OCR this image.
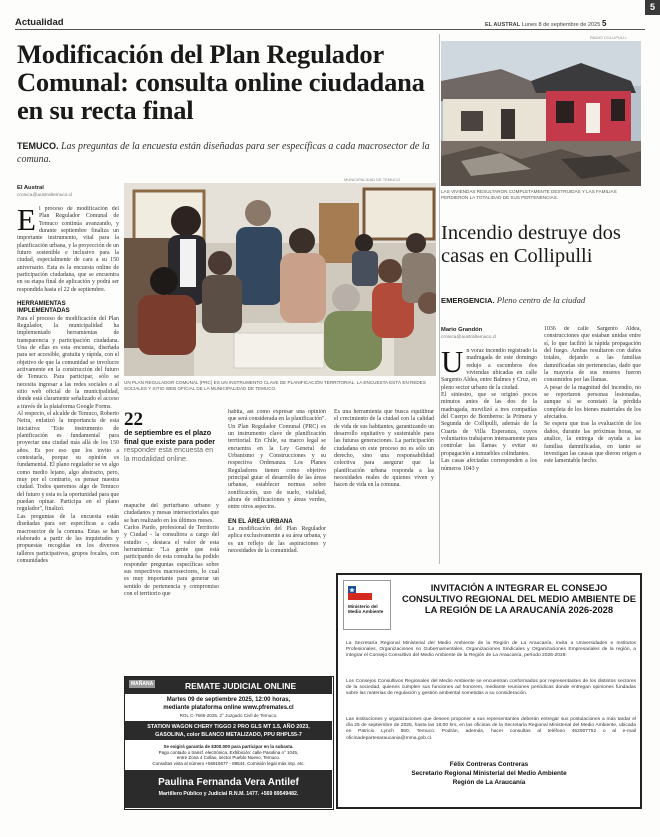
Actualidad	EL AUSTRAL Lunes 8 de septiembre de 2025 5
5
Modificación del Plan Regulador Comunal: consulta online ciudadana en su recta final
TEMUCO. Las preguntas de la encuesta están diseñadas para ser específicas a cada macrosector de la comuna.
El Austral
cronica@australtemuco.cl
E l proceso de modificación del Plan Regulador Comunal de Temuco continúa avanzando, y durante septiembre finaliza un importante instrumento, vital para la planificación urbana, y la proyección de un futuro sostenible e inclusivo para la ciudad, especialmente de cara a su 150 aniversario. Esta es la encuesta online de participación ciudadana, que se encuentra en su etapa final de aplicación y podrá ser respondida hasta el 22 de septiembre.
HERRAMIENTAS IMPLEMENTADAS
Para el proceso de modificación del Plan Regulador, la municipalidad ha implementado herramientas de transparencia y participación ciudadana. Una de ellas es esta encuesta, diseñada para ser accesible, gratuita y rápida, con el objetivo de que la comunidad se involucre activamente en la construcción del futuro de Temuco. Para participar, sólo se necesita ingresar a las redes sociales o al sitio web oficial de la municipalidad, donde está claramente señalizado el acceso a través de la plataforma Google Forms.
Al respecto, el alcalde de Temuco, Roberto Neira, enfatizó la importancia de esta iniciativa: "Este instrumento de planificación es fundamental para proyectar una ciudad más allá de los 150 años. Es por eso que los invito a contestarla, porque su opinión es fundamental. El plano regulador se ve algo como medio lejano, algo abstracto, pero, muy por el contrario, es pensar nuestra ciudad. Todos queremos algo de Temuco del futuro y esta es la oportunidad para que puedan opinar. Participa en el plano regulador", finalizó.
Las preguntas de la encuesta están diseñadas para ser específicas a cada macrosector de la comuna. Estas se han elaborado a partir de las inquietudes y propuestas recogidas en los diversos talleres participativos, grupos focales, con comunidades
MUNICIPALIDAD DE TEMUCO
UN PLAN REGULADOR COMUNAL (PRC) ES UN INSTRUMENTO CLAVE DE PLANIFICACIÓN TERRITORIAL. LA ENCUESTA ESTÁ EN REDES SOCIALES Y SITIO WEB OFICIAL DE LA MUNICIPALIDAD DE TEMUCO.
22
de septiembre es el plazo final que existe para poder responder esta encuesta en la modalidad online.
mapuche del periurbano urbano y ciudadanos y mesas intersectoriales que se han realizado en los últimos meses.
Carlos Pardo, profesional de Territorio y Ciudad - la consultora a cargo del estudio -, destaca el valor de esta herramienta: "La gente que está participando de esta consulta ha podido responder preguntas específicas sobre sus respectivos macrosectores, lo cual es muy importante para generar un sentido de pertenencia y compromiso con el territorio que
habita, así como expresar una opinión que será considerada en la planificación".
Un Plan Regulador Comunal (PRC) es un instrumento clave de planificación territorial. En Chile, su marco legal se encuentra en la Ley General de Urbanismo y Construcciones y su respectiva Ordenanza. Los Planes Reguladores tienen como objetivo principal guiar el desarrollo de las áreas urbanas, establecer normas sobre zonificación, uso de suelo, vialidad, altura de edificaciones y áreas verdes, entre otros aspectos.
EN EL ÁREA URBANA
La modificación del Plan Regulador aplica exclusivamente a su área urbana, y es un reflejo de las aspiraciones y necesidades de la comunidad.
Es una herramienta que busca equilibrar el crecimiento de la ciudad con la calidad de vida de sus habitantes, garantizando un desarrollo equitativo y sustentable para las futuras generaciones. La participación ciudadana en este proceso no es sólo un derecho, sino una responsabilidad colectiva para asegurar que la planificación urbana responda a las necesidades reales de quienes viven y hacen de vida en la comuna.
MAÑANA	REMATE JUDICIAL ONLINE
Martes 09 de septiembre 2025, 12:00 horas,
mediante plataforma online www.pfremates.cl
ROL C-7565-2025, 2° Juzgado Civil de Temuco.
STATION WAGON CHERY TIGGO 2 PRO GLS MT 1.5, AÑO 2023,
GASOLINA, color BLANCO METALIZADO, PPU RHPL55-7
Se exigirá garantía de $300.000 para participar en la subasta.
Pago contado o transf. electrónica. Exhibición: calle Pasolina n° 1045,
entre Zona 4 Collao, sector Pueblo Nuevo, Temuco.
Consultas vista al número +56916677 - 89544. Comisión legal más imp. etc.
Paulina Fernanda Vera Antilef
Martillero Público y Judicial R.N.M. 1477. +569 89549482.
RADIO COLLIPULLI
LAS VIVIENDAS RESULTARON COMPLETAMENTE DESTRUIDAS Y LAS FAMILIAS PERDIERON LA TOTALIDAD DE SUS PERTENENCIAS.
Incendio destruye dos casas en Collipulli
EMERGENCIA. Pleno centro de la ciudad
Mario Grandón
cronica@australtemuco.cl
U n voraz incendio registrado la madrugada de este domingo redujo a escombros dos viviendas ubicadas en calle Sargento Aldea, entre Balmes y Cruz, en pleno sector urbano de la ciudad.
El siniestro, que se originó pocos minutos antes de las dos de la madrugada, movilizó a tres compañías del Cuerpo de Bomberos: la Primera y Segunda de Collipulli, además de la Cuarta de Villa Esperanza, cuyos voluntarios trabajaron intensamente para controlar las llamas y evitar su propagación a inmuebles colindantes.
Las casas afectadas corresponden a los números 1043 y
1036 de calle Sargento Aldea, construcciones que estaban unidas entre sí, lo que facilitó la rápida propagación del fuego. Ambas resultaron con daños totales, dejando a las familias damnificadas sin pertenencias, dado que la mayoría de sus enseres fueron consumidos por las llamas.
A pesar de la magnitud del incendio, no se reportaron personas lesionadas, aunque sí se constató la pérdida completa de los bienes materiales de los afectados.
Se espera que tras la evaluación de los daños, durante las próximas horas, se analice, la entrega de ayuda a las familias damnificadas, en tanto se investigan las causas que dieron origen a este lamentable hecho.
Ministerio del Medio Ambiente
INVITACIÓN A INTEGRAR EL CONSEJO CONSULTIVO REGIONAL DEL MEDIO AMBIENTE DE LA REGIÓN DE LA ARAUCANÍA 2026-2028
La Secretaría Regional Ministerial del Medio Ambiente de la Región de La Araucanía, invita a Universidades e Institutos Profesionales, Organizaciones no Gubernamentales, Organizaciones Sindicales y Organizaciones Empresariales de la región, a integrar el Consejo Consultivo del Medio Ambiente de la Región de La Araucanía, período 2026-2028.
Los Consejos Consultivos Regionales del Medio Ambiente se encuentran conformados por representantes de los distintos sectores de la sociedad, quienes cumplen sus funciones ad honorem, mediante reuniones periódicas donde entregan opiniones fundadas sobre las materias de regulación y gestión ambiental sometidas a su consideración.
Las instituciones y organizaciones que deseen proponer a sus representantes deberán entregar sus postulaciones a más tardar el día 25 de septiembre de 2025, hasta las 16:00 hrs, en las oficinas de la Secretaría Regional Ministerial del Medio Ambiente, ubicada en Patricio Lynch 550, Temuco. Podrán, además, hacer consultas al teléfono 452907752 o al e-mail oficinadepartesaraucania@mma.gob.cl.
Félix Contreras Contreras
Secretario Regional Ministerial del Medio Ambiente
Región de La Araucanía
